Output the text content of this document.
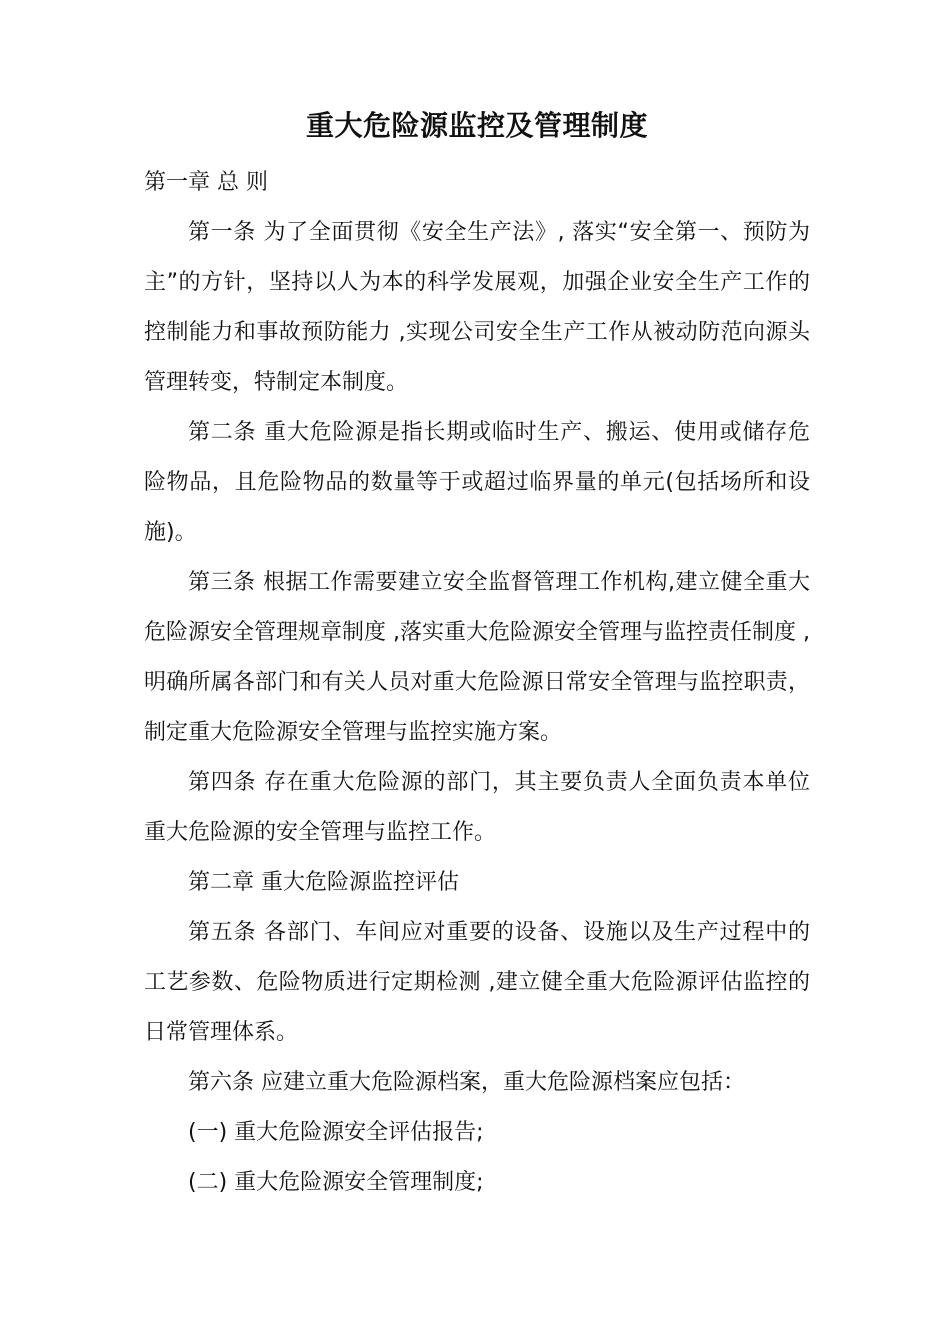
重大危险源监控及管理制度

第一章 总 则

第一条 为了全面贯彻《安全生产法》, 落实“安全第一、预防为主”的方针，坚持以人为本的科学发展观，加强企业安全生产工作的控制能力和事故预防能力 ,实现公司安全生产工作从被动防范向源头管理转变，特制定本制度。

第二条 重大危险源是指长期或临时生产、搬运、使用或储存危险物品，且危险物品的数量等于或超过临界量的单元(包括场所和设施)。

第三条 根据工作需要建立安全监督管理工作机构,建立健全重大危险源安全管理规章制度 ,落实重大危险源安全管理与监控责任制度 ,明确所属各部门和有关人员对重大危险源日常安全管理与监控职责，制定重大危险源安全管理与监控实施方案。

第四条 存在重大危险源的部门，其主要负责人全面负责本单位重大危险源的安全管理与监控工作。

第二章 重大危险源监控评估

第五条 各部门、车间应对重要的设备、设施以及生产过程中的工艺参数、危险物质进行定期检测 ,建立健全重大危险源评估监控的日常管理体系。

第六条 应建立重大危险源档案，重大危险源档案应包括：

(一) 重大危险源安全评估报告;

(二) 重大危险源安全管理制度;
